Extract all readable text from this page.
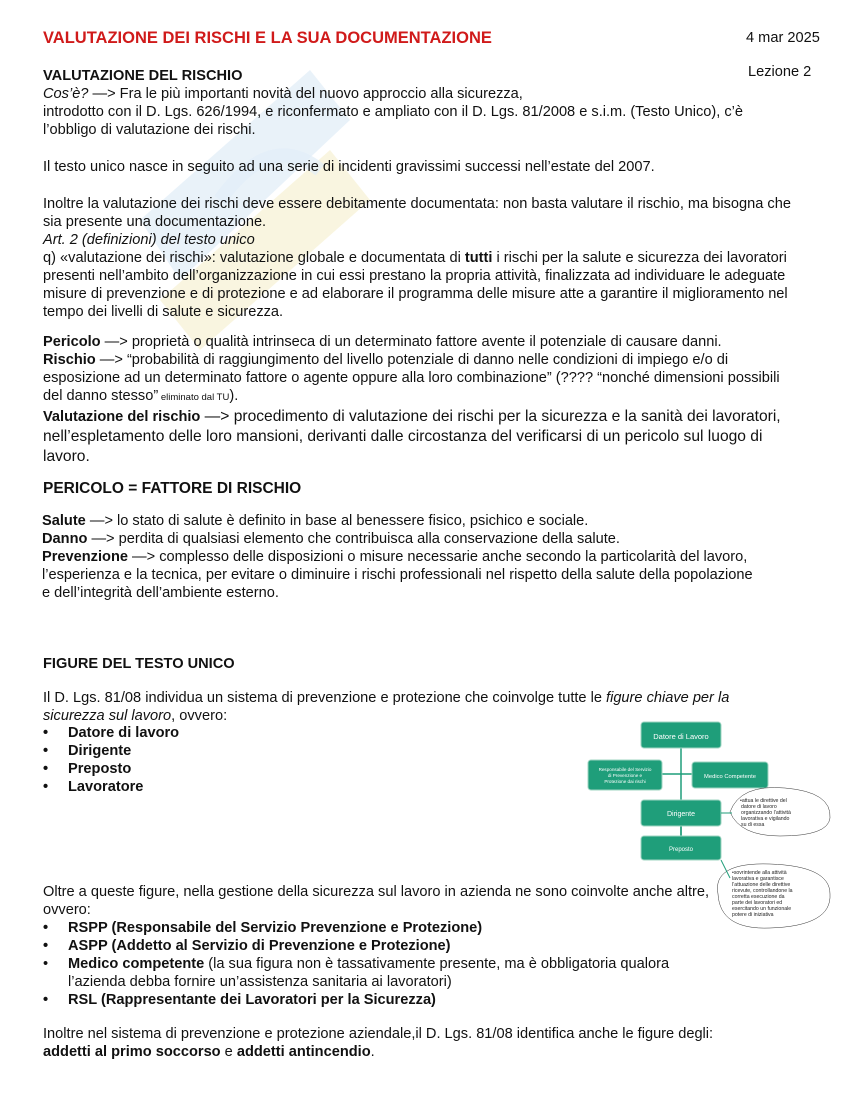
VALUTAZIONE DEI RISCHI E LA SUA DOCUMENTAZIONE	4 mar 2025
Lezione 2
VALUTAZIONE DEL RISCHIO
Cos’è? —> Fra le più importanti novità del nuovo approccio alla sicurezza,
introdotto con il D. Lgs. 626/1994, e riconfermato e ampliato con il D. Lgs. 81/2008 e s.i.m. (Testo Unico), c’è
l’obbligo di valutazione dei rischi.
Il testo unico nasce in seguito ad una serie di incidenti gravissimi successi nell’estate del 2007.
Inoltre la valutazione dei rischi deve essere debitamente documentata: non basta valutare il rischio, ma bisogna che sia presente una documentazione.
Art. 2 (definizioni) del testo unico
q) «valutazione dei rischi»: valutazione globale e documentata di tutti i rischi per la salute e sicurezza dei lavoratori presenti nell’ambito dell’organizzazione in cui essi prestano la propria attività, finalizzata ad individuare le adeguate misure di prevenzione e di protezione e ad elaborare il programma delle misure atte a garantire il miglioramento nel tempo dei livelli di salute e sicurezza.
Pericolo —> proprietà o qualità intrinseca di un determinato fattore avente il potenziale di causare danni.
Rischio —> “probabilità di raggiungimento del livello potenziale di danno nelle condizioni di impiego e/o di esposizione ad un determinato fattore o agente oppure alla loro combinazione” (???? “nonché dimensioni possibili del danno stesso” eliminato dal TU).
Valutazione del rischio —> procedimento di valutazione dei rischi per la sicurezza e la sanità dei lavoratori, nell’espletamento delle loro mansioni, derivanti dalle circostanza del verificarsi di un pericolo sul luogo di lavoro.
PERICOLO = FATTORE DI RISCHIO
Salute —> lo stato di salute è definito in base al benessere fisico, psichico e sociale.
Danno —> perdita di qualsiasi elemento che contribuisca alla conservazione della salute.
Prevenzione —> complesso delle disposizioni o misure necessarie anche secondo la particolarità del lavoro, l’esperienza e la tecnica, per evitare o diminuire i rischi professionali nel rispetto della salute della popolazione e dell’integrità dell’ambiente esterno.
FIGURE DEL TESTO UNICO
Il D. Lgs. 81/08 individua un sistema di prevenzione e protezione che coinvolge tutte le figure chiave per la sicurezza sul lavoro, ovvero:
• Datore di lavoro
• Dirigente
• Preposto
• Lavoratore
Oltre a queste figure, nella gestione della sicurezza sul lavoro in azienda ne sono coinvolte anche altre, ovvero:
• RSPP (Responsabile del Servizio Prevenzione e Protezione)
• ASPP (Addetto al Servizio di Prevenzione e Protezione)
• Medico competente (la sua figura non è tassativamente presente, ma è obbligatoria qualora l’azienda debba fornire un’assistenza sanitaria ai lavoratori)
• RSL (Rappresentante dei Lavoratori per la Sicurezza)
Inoltre nel sistema di prevenzione e protezione aziendale,il D. Lgs. 81/08 identifica anche le figure degli: addetti al primo soccorso e addetti antincendio.
Datore di Lavoro
Responsabile del Servizio
di Prevenzione e
Protezione dai rischi
Medico Competente
Dirigente
Preposto
•attua le direttive del datore di lavoro organizzando l’attività lavorativa e vigilando su di essa
•sovrintende alla attività lavorativa e garantisce l’attuazione delle direttive ricevute, controllandone la corretta esecuzione da parte dei lavoratori ed esercitando un funzionale potere di iniziativa
